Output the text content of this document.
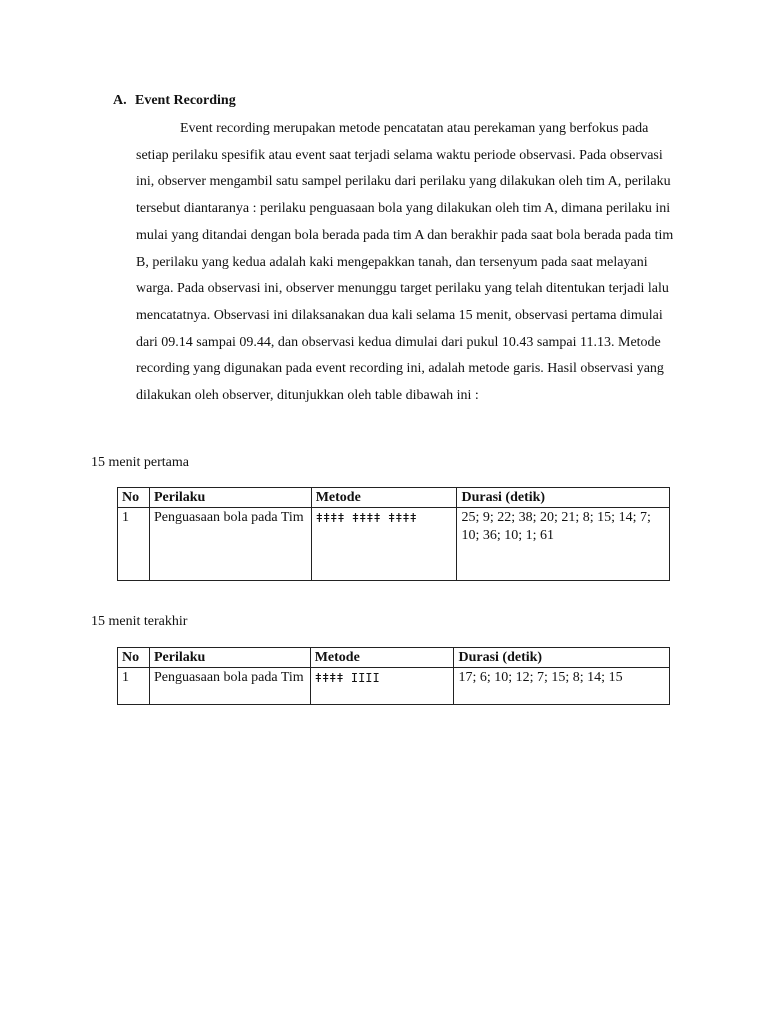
A. Event Recording

Event recording merupakan metode pencatatan atau perekaman yang berfokus pada setiap perilaku spesifik atau event saat terjadi selama waktu periode observasi. Pada observasi ini, observer mengambil satu sampel perilaku dari perilaku yang dilakukan oleh tim A, perilaku tersebut diantaranya : perilaku penguasaan bola yang dilakukan oleh tim A, dimana perilaku ini mulai yang ditandai dengan bola berada pada tim A dan berakhir pada saat bola berada pada tim B, perilaku yang kedua adalah kaki mengepakkan tanah, dan tersenyum pada saat melayani warga. Pada observasi ini, observer menunggu target perilaku yang telah ditentukan terjadi lalu mencatatnya. Observasi ini dilaksanakan dua kali selama 15 menit, observasi pertama dimulai dari 09.14 sampai 09.44, dan observasi kedua dimulai dari pukul 10.43 sampai 11.13. Metode recording yang digunakan pada event recording ini, adalah metode garis. Hasil observasi yang dilakukan oleh observer, ditunjukkan oleh table dibawah ini :

15 menit pertama
No	Perilaku	Metode	Durasi (detik)
1	Penguasaan bola pada Tim	ǂǂǂǂ ǂǂǂǂ ǂǂǂǂ	25; 9; 22; 38; 20; 21; 8; 15; 14; 7; 10; 36; 10; 1; 61
15 menit terakhir
No	Perilaku	Metode	Durasi (detik)
1	Penguasaan bola pada Tim	ǂǂǂǂ IIII	17; 6; 10; 12; 7; 15; 8; 14; 15
